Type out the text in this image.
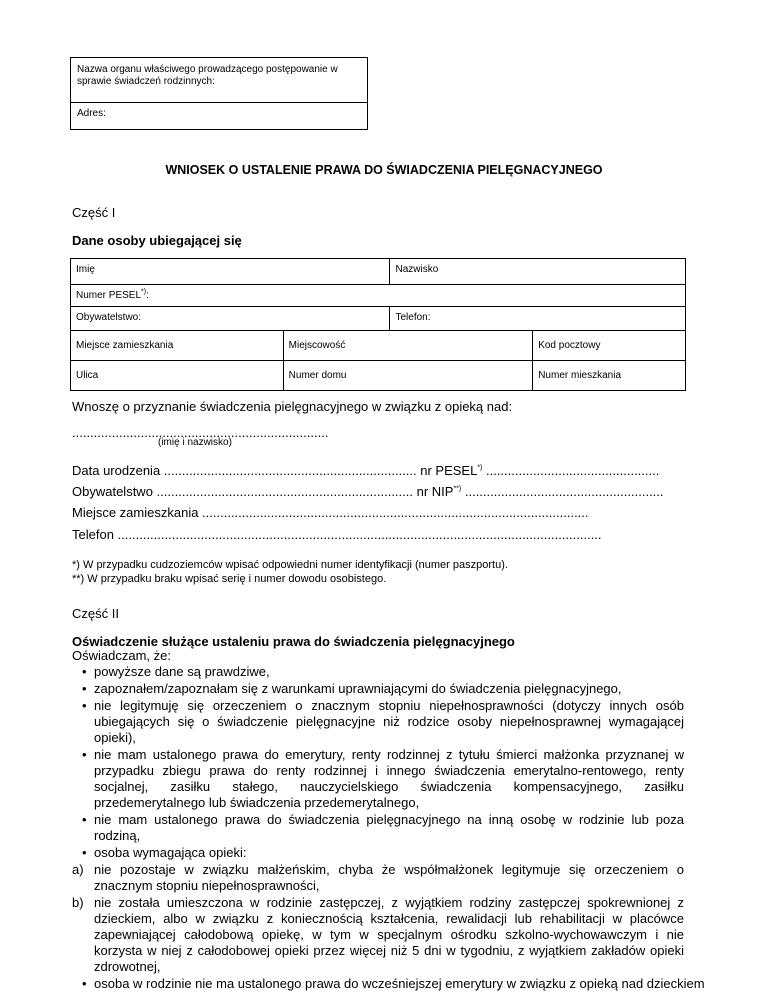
Nazwa organu właściwego prowadzącego postępowanie w sprawie świadczeń rodzinnych:
Adres:
WNIOSEK O USTALENIE PRAWA DO ŚWIADCZENIA PIELĘGNACYJNEGO
Część I
Dane osoby ubiegającej się
Imię		Nazwisko	
Numer PESEL*):			
Obywatelstwo:		Telefon:	
Miejsce zamieszkania	Miejscowość		Kod pocztowy
Ulica	Numer domu		Numer mieszkania
Wnoszę o przyznanie świadczenia pielęgnacyjnego w związku z opieką nad:
.......................................................................
(imię i nazwisko)
Data urodzenia ...................................................................... nr PESEL*) ................................................
Obywatelstwo ....................................................................... nr NIP**) .......................................................
Miejsce zamieszkania ...........................................................................................................
Telefon ......................................................................................................................................
*) W przypadku cudzoziemców wpisać odpowiedni numer identyfikacji (numer paszportu).
**) W przypadku braku wpisać serię i numer dowodu osobistego.
Część II
Oświadczenie służące ustaleniu prawa do świadczenia pielęgnacyjnego
Oświadczam, że:
• powyższe dane są prawdziwe,
• zapoznałem/zapoznałam się z warunkami uprawniającymi do świadczenia pielęgnacyjnego,
• nie legitymuję się orzeczeniem o znacznym stopniu niepełnosprawności (dotyczy innych osób ubiegających się o świadczenie pielęgnacyjne niż rodzice osoby niepełnosprawnej wymagającej opieki),
• nie mam ustalonego prawa do emerytury, renty rodzinnej z tytułu śmierci małżonka przyznanej w przypadku zbiegu prawa do renty rodzinnej i innego świadczenia emerytalno-rentowego, renty socjalnej, zasiłku stałego, nauczycielskiego świadczenia kompensacyjnego, zasiłku przedemerytalnego lub świadczenia przedemerytalnego,
• nie mam ustalonego prawa do świadczenia pielęgnacyjnego na inną osobę w rodzinie lub poza rodziną,
• osoba wymagająca opieki:
a) nie pozostaje w związku małżeńskim, chyba że współmałżonek legitymuje się orzeczeniem o znacznym stopniu niepełnosprawności,
b) nie została umieszczona w rodzinie zastępczej, z wyjątkiem rodziny zastępczej spokrewnionej z dzieckiem, albo w związku z koniecznością kształcenia, rewalidacji lub rehabilitacji w placówce zapewniającej całodobową opiekę, w tym w specjalnym ośrodku szkolno-wychowawczym i nie korzysta w niej z całodobowej opieki przez więcej niż 5 dni w tygodniu, z wyjątkiem zakładów opieki zdrowotnej,
• osoba w rodzinie nie ma ustalonego prawa do wcześniejszej emerytury w związku z opieką nad dzieckiem
